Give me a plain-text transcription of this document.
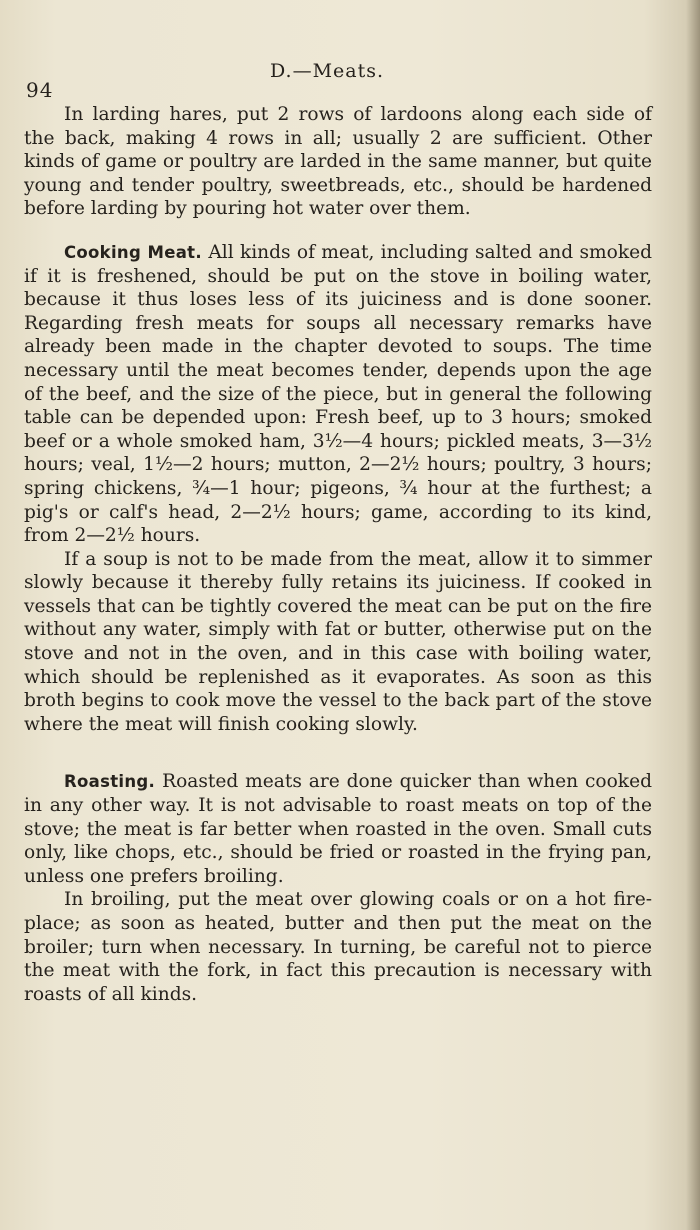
94
D.—Meats.

In larding hares, put 2 rows of lardoons along each side of the back, making 4 rows in all; usually 2 are sufficient. Other kinds of game or poultry are larded in the same manner, but quite young and tender poultry, sweetbreads, etc., should be hardened before larding by pouring hot water over them.

Cooking Meat. All kinds of meat, including salted and smoked if it is freshened, should be put on the stove in boiling water, because it thus loses less of its juiciness and is done sooner. Regarding fresh meats for soups all necessary remarks have already been made in the chapter devoted to soups. The time necessary until the meat becomes tender, depends upon the age of the beef, and the size of the piece, but in general the following table can be depended upon: Fresh beef, up to 3 hours; smoked beef or a whole smoked ham, 3½—4 hours; pickled meats, 3—3½ hours; veal, 1½—2 hours; mutton, 2—2½ hours; poultry, 3 hours; spring chickens, ¾—1 hour; pigeons, ¾ hour at the furthest; a pig's or calf's head, 2—2½ hours; game, according to its kind, from 2—2½ hours.

If a soup is not to be made from the meat, allow it to simmer slowly because it thereby fully retains its juiciness. If cooked in vessels that can be tightly covered the meat can be put on the fire without any water, simply with fat or butter, otherwise put on the stove and not in the oven, and in this case with boiling water, which should be replenished as it evaporates. As soon as this broth begins to cook move the vessel to the back part of the stove where the meat will finish cooking slowly.

Roasting. Roasted meats are done quicker than when cooked in any other way. It is not advisable to roast meats on top of the stove; the meat is far better when roasted in the oven. Small cuts only, like chops, etc., should be fried or roasted in the frying pan, unless one prefers broiling.

In broiling, put the meat over glowing coals or on a hot fire-place; as soon as heated, butter and then put the meat on the broiler; turn when necessary. In turning, be careful not to pierce the meat with the fork, in fact this precaution is necessary with roasts of all kinds.
